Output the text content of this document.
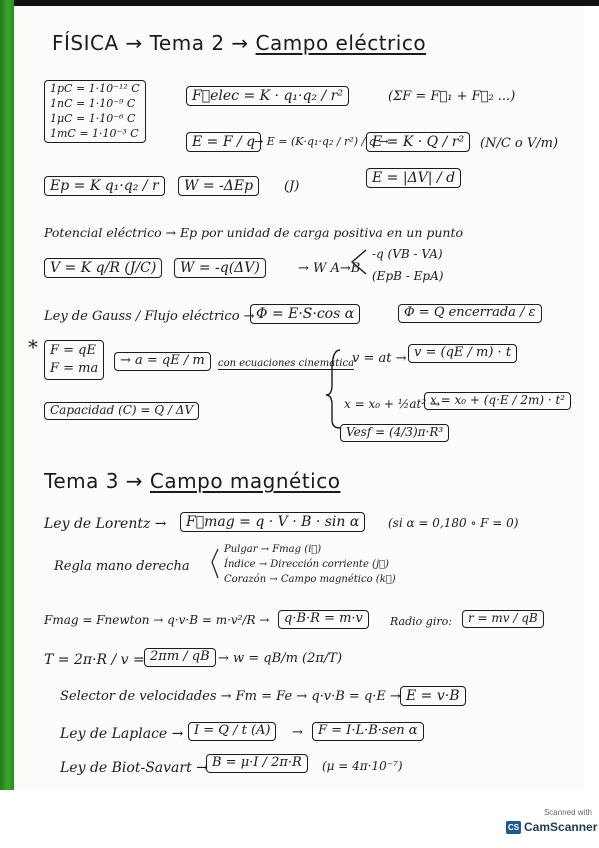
FÍSICA → Tema 2 → Campo eléctrico
1pC = 1·10⁻¹² C
1nC = 1·10⁻⁹ C
1μC = 1·10⁻⁶ C
1mC = 1·10⁻³ C
F⃗elec = K · q₁·q₂ / r²	(ΣF = F⃗₁ + F⃗₂ ...)
E = F / q
→ E = (K·q₁·q₂ / r²) / q →
E = K · Q / r²	(N/C o V/m)
E = |ΔV| / d
Ep = K q₁·q₂ / r	W = -ΔEp	(J)
Potencial eléctrico → Ep por unidad de carga positiva en un punto
V = K q/R (J/C)	W = -q(ΔV)	→ W A→B
-q (VB - VA)
(EpB - EpA)
Ley de Gauss / Flujo eléctrico → Φ = E·S·cos α	Φ = Q encerrada / ε
* F = qE
F = ma
→ a = qE / m	con ecuaciones cinemática
v = at → v = (qE / m) · t
x = x₀ + ½at² →
x = x₀ + (q·E / 2m) · t²
Vesf = (4/3)π·R³
Capacidad (C) = Q / ΔV
Tema 3 → Campo magnético
Ley de Lorentz →	F⃗mag = q · V · B · sin α	(si α = 0,180 ∘ F = 0)
Regla mano derecha
Pulgar → Fmag (i⃗)
Índice → Dirección corriente (j⃗)
Corazón → Campo magnético (k⃗)
Fmag = Fnewton → q·v·B = m·v²/R →	q·B·R = m·v	Radio giro:	r = mv / qB
T = 2π·R / v = 2πm / qB → w = qB/m (2π/T)
Selector de velocidades → Fm = Fe → q·v·B = q·E → E = v·B
Ley de Laplace → I = Q / t (A)	→	F = I·L·B·sen α
Ley de Biot-Savart → B = μ·I / 2π·R	(μ = 4π·10⁻⁷)
Scanned with
CS CamScanner
